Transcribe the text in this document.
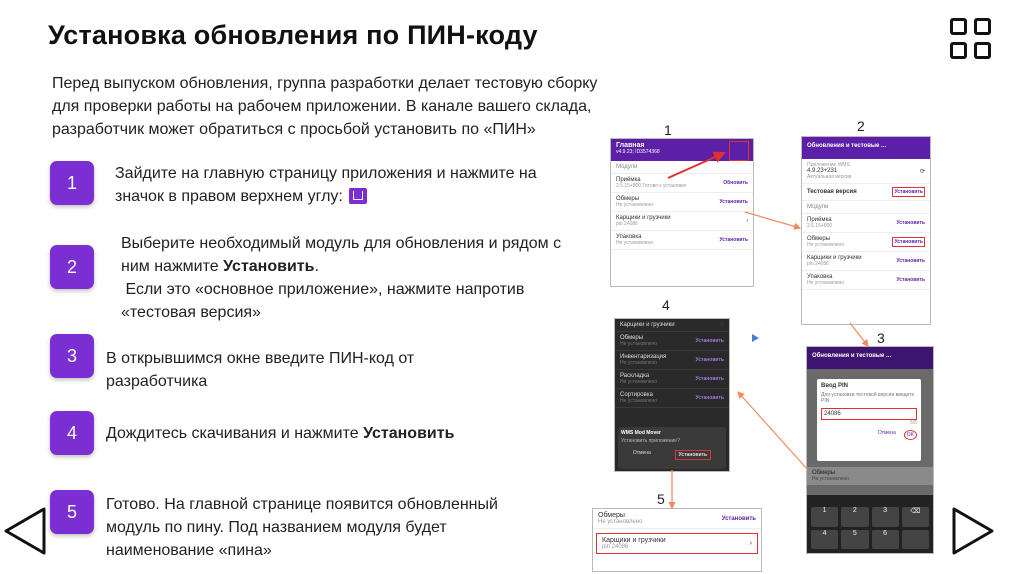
Установка обновления по ПИН-коду
Перед выпуском обновления, группа разработки делает тестовую сборку для проверки работы на рабочем приложении. В канале вашего склада, разработчик может обратиться с просьбой установить по «ПИН»
1	Зайдите на главную страницу приложения и нажмите на значок в правом верхнем углу:
2
Выберите необходимый модуль для обновления и рядом с ним нажмите Установить.
Если это «основное приложение», нажмите напротив «тестовая версия»
3	В открывшимся окне введите ПИН-код от разработчика
4	Дождитесь скачивания и нажмите Установить
5	Готово. На главной странице появится обновленный модуль по пину. Под названием модуля будет наименование «пина»
1	2
3
4
5
Главная
v4.9.23; ID3574368
Модули
Приёмка
2.5.15+800 Готово к установке	Обновить
Обмеры
Не установлено	Установить
Карщики и грузчики
pin 24086	›
Упаковка
Не установлено	Установить
Обновления и тестовые ...
Приложение WMS
4.9.23+231
Актуальная версия
⟳
Тестовая версия	Установить
Модули
Приёмка
2.5.15+800	Установить
Обмеры
Не установлено	Установить
Карщики и грузчики
pin 24086	Установить
Упаковка
Не установлено	Установить
Обновления и тестовые ...
Ввод PIN
Для установки тестовой версии введите PIN
24086
5/5
Отмена	OK
Обмеры
Не установлено
1	2	3	⌫
4	5	6
Карщики и грузчики	◌
Обмеры
Не установлено	Установить
Инвентаризация
Не установлено	Установить
Раскладка
Не установлено	Установить
Сортировка
Не установлено	Установить
WMS Mod Mover
Установить приложение?
Отмена	Установить
Обмеры
Не установлено
Установить
Карщики и грузчики
pin 24086	›
